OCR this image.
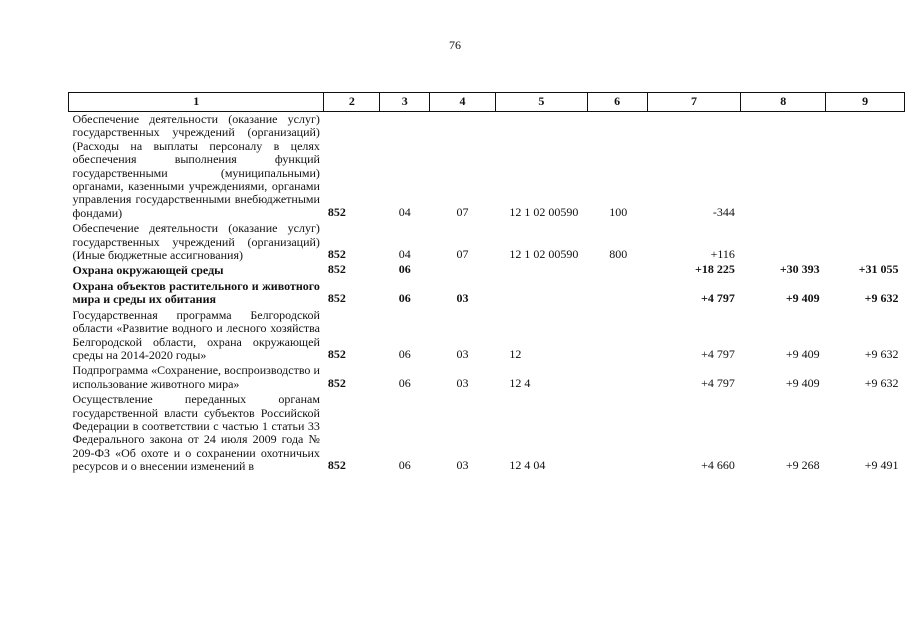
76
1	2	3	4	5	6	7	8	9
Обеспечение деятельности (оказание услуг) государственных учреждений (организаций) (Расходы на выплаты персоналу в целях обеспечения выполнения функций государственными (муниципальными) органами, казенными учреждениями, органами управления государственными внебюджетными фондами)	852	04	07	12 1 02 00590	100	-344		
Обеспечение деятельности (оказание услуг) государственных учреждений (организаций) (Иные бюджетные ассигнования)	852	04	07	12 1 02 00590	800	+116		
Охрана окружающей среды	852	06				+18 225	+30 393	+31 055
Охрана объектов растительного и животного мира и среды их обитания	852	06	03			+4 797	+9 409	+9 632
Государственная программа Белгородской области «Развитие водного и лесного хозяйства Белгородской области, охрана окружающей среды на 2014-2020 годы»	852	06	03	12		+4 797	+9 409	+9 632
Подпрограмма «Сохранение, воспроизводство и использование животного мира»	852	06	03	12 4		+4 797	+9 409	+9 632
Осуществление переданных органам государственной власти субъектов Российской Федерации в соответствии с частью 1 статьи 33 Федерального закона от 24 июля 2009 года № 209-ФЗ «Об охоте и о сохранении охотничьих ресурсов и о внесении изменений в	852	06	03	12 4 04		+4 660	+9 268	+9 491
